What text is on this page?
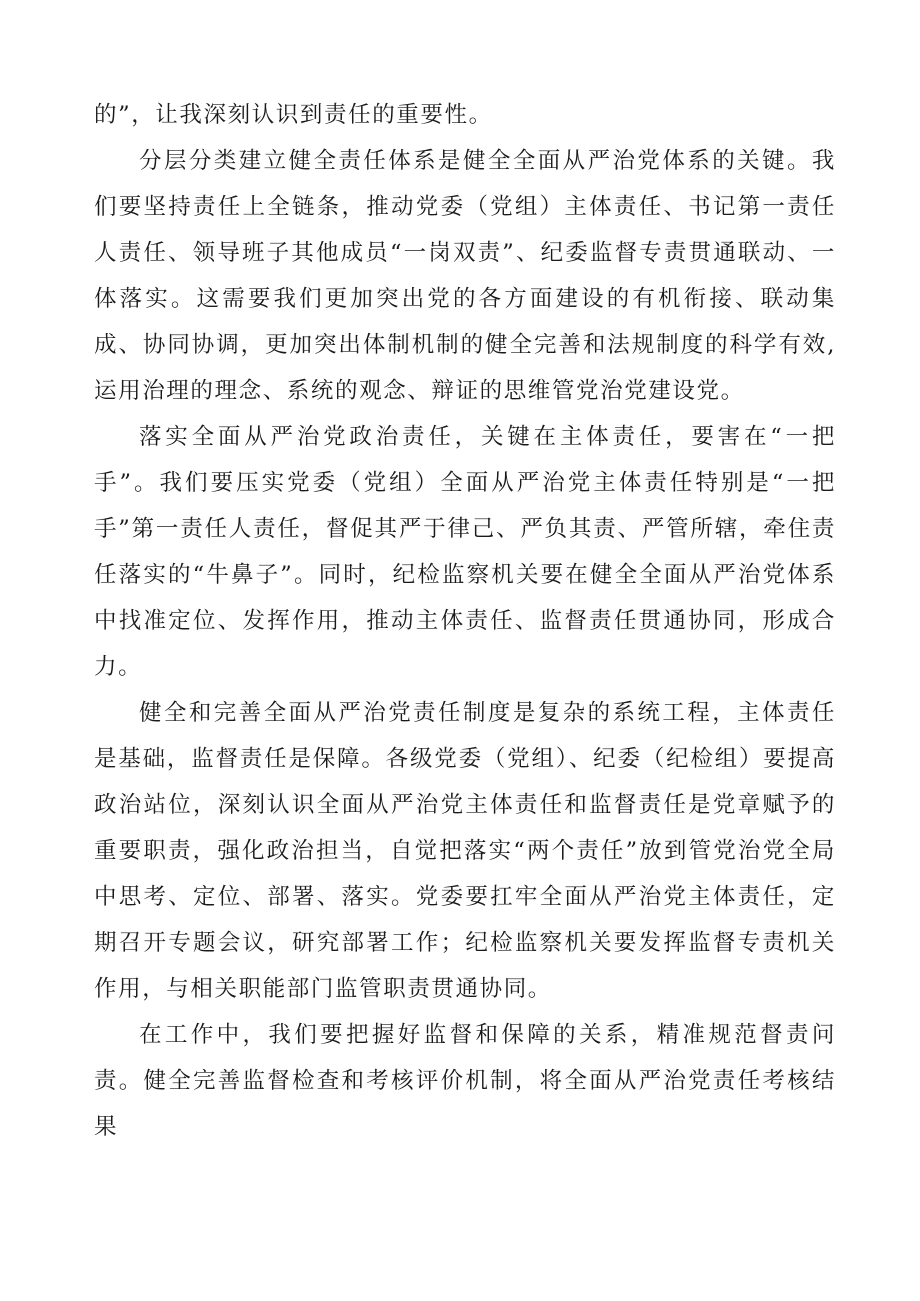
的”，让我深刻认识到责任的重要性。

分层分类建立健全责任体系是健全全面从严治党体系的关键。我们要坚持责任上全链条，推动党委（党组）主体责任、书记第一责任人责任、领导班子其他成员“一岗双责”、纪委监督专责贯通联动、一体落实。这需要我们更加突出党的各方面建设的有机衔接、联动集成、协同协调，更加突出体制机制的健全完善和法规制度的科学有效,运用治理的理念、系统的观念、辩证的思维管党治党建设党。

落实全面从严治党政治责任，关键在主体责任，要害在“一把手”。我们要压实党委（党组）全面从严治党主体责任特别是“一把手”第一责任人责任，督促其严于律己、严负其责、严管所辖，牵住责任落实的“牛鼻子”。同时，纪检监察机关要在健全全面从严治党体系中找准定位、发挥作用，推动主体责任、监督责任贯通协同，形成合力。

健全和完善全面从严治党责任制度是复杂的系统工程，主体责任是基础，监督责任是保障。各级党委（党组）、纪委（纪检组）要提高政治站位，深刻认识全面从严治党主体责任和监督责任是党章赋予的重要职责，强化政治担当，自觉把落实“两个责任”放到管党治党全局中思考、定位、部署、落实。党委要扛牢全面从严治党主体责任，定期召开专题会议，研究部署工作；纪检监察机关要发挥监督专责机关作用，与相关职能部门监管职责贯通协同。

在工作中，我们要把握好监督和保障的关系，精准规范督责问责。健全完善监督检查和考核评价机制，将全面从严治党责任考核结果
